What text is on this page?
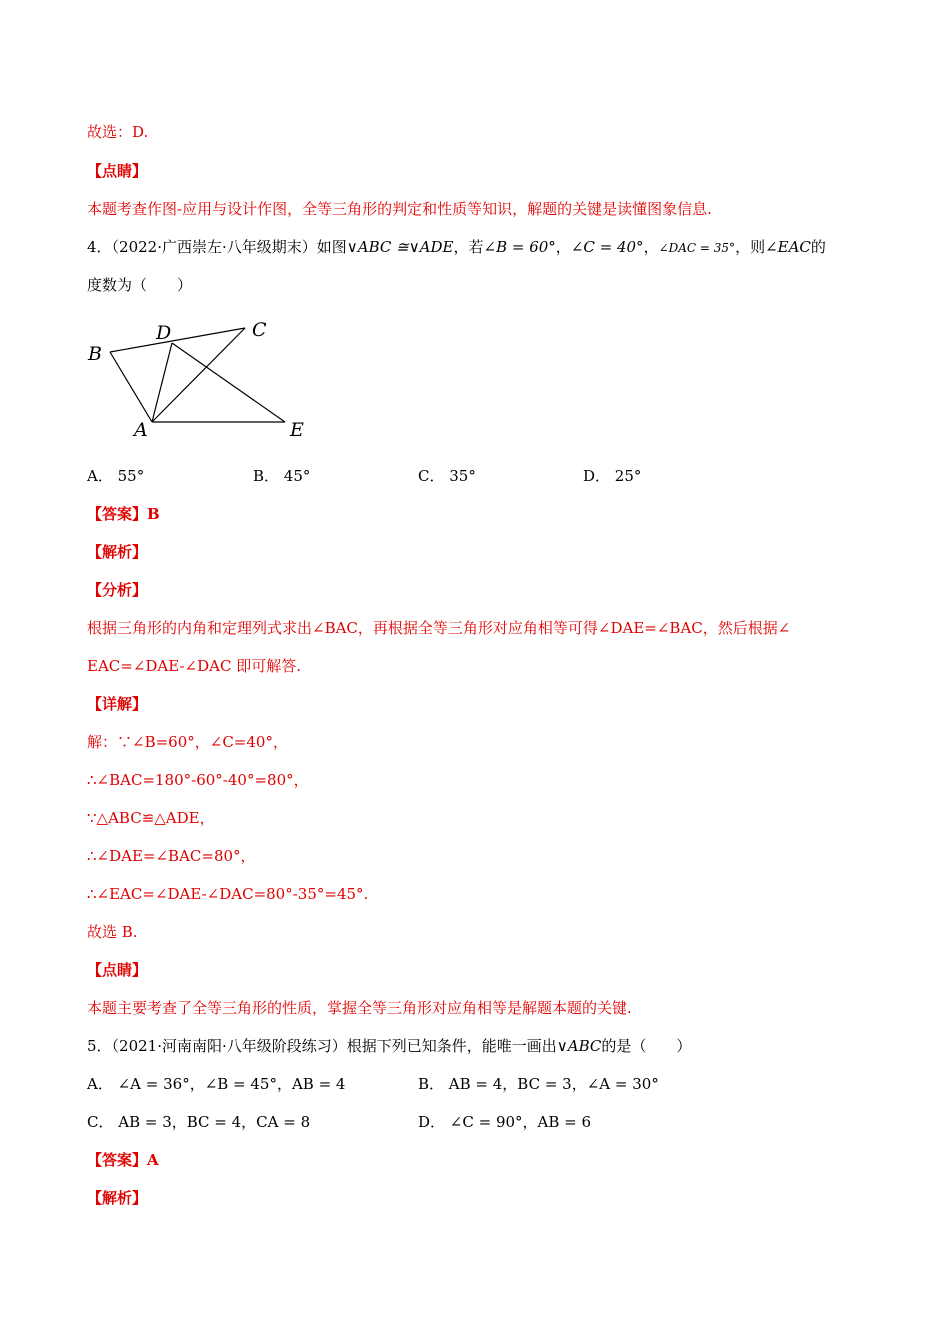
故选：D.
【点睛】
本题考查作图-应用与设计作图，全等三角形的判定和性质等知识，解题的关键是读懂图象信息.
4．（2022·广西崇左·八年级期末）如图∨ABC ≅∨ADE，若∠B = 60°，∠C = 40°，∠DAC = 35°，则∠EAC的
度数为（　　）
B
D	C
A	E
A． 55°	B． 45°	C． 35°	D． 25°
【答案】B
【解析】
【分析】
根据三角形的内角和定理列式求出∠BAC，再根据全等三角形对应角相等可得∠DAE=∠BAC，然后根据∠
EAC=∠DAE-∠DAC 即可解答.
【详解】
解：∵∠B=60°，∠C=40°，
∴∠BAC=180°-60°-40°=80°，
∵△ABC≌△ADE，
∴∠DAE=∠BAC=80°，
∴∠EAC=∠DAE-∠DAC=80°-35°=45°.
故选 B.
【点睛】
本题主要考查了全等三角形的性质，掌握全等三角形对应角相等是解题本题的关键.
5．（2021·河南南阳·八年级阶段练习）根据下列已知条件，能唯一画出∨ABC的是（　　）
A． ∠A = 36°，∠B = 45°，AB = 4	B． AB = 4，BC = 3，∠A = 30°
C． AB = 3，BC = 4，CA = 8	D． ∠C = 90°，AB = 6
【答案】A
【解析】
